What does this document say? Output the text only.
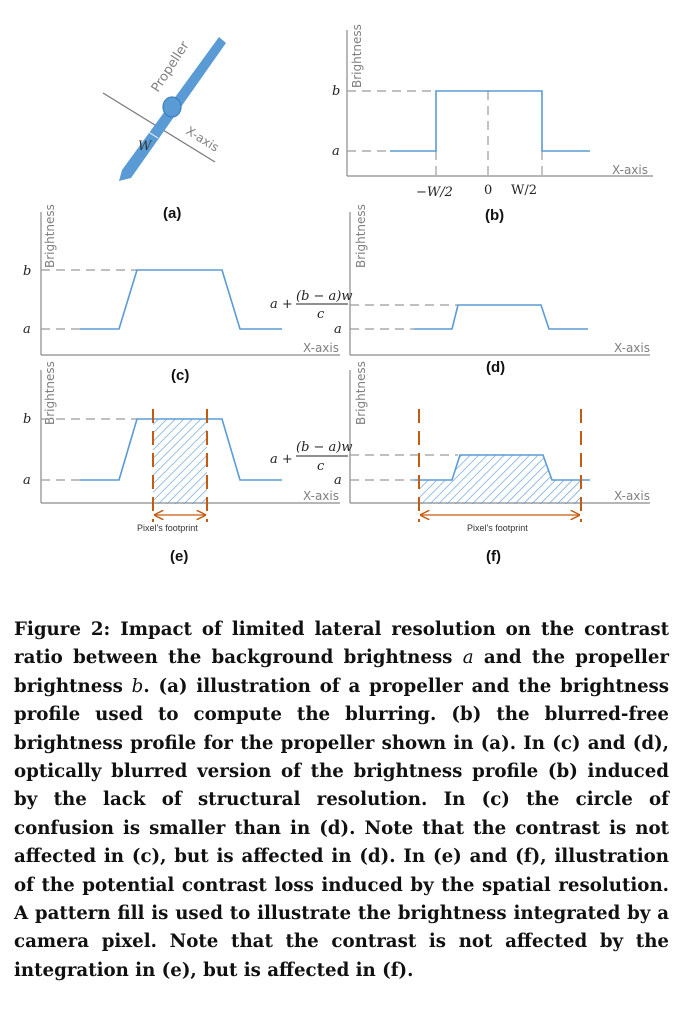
Propeller
X-axis
W
(a)
Brightness
X-axis
b
a
−W/2 0 W/2
(b)
Brightness
X-axis
b
a
(c)
Brightness
X-axis
a +
(b − a)w
c
a
(d)
Brightness
X-axis
b
a
Pixel's footprint
(e)
Brightness
X-axis
a +
(b − a)w
c
a
Pixel's footprint
(f)

Figure 2: Impact of limited lateral resolution on the contrast ratio between the background brightness a and the propeller brightness b. (a) illustration of a propeller and the brightness profile used to compute the blurring. (b) the blurred-free brightness profile for the propeller shown in (a). In (c) and (d), optically blurred version of the brightness profile (b) induced by the lack of structural resolution. In (c) the circle of confusion is smaller than in (d). Note that the contrast is not affected in (c), but is affected in (d). In (e) and (f), illustration of the potential contrast loss induced by the spatial resolution. A pattern fill is used to illustrate the brightness integrated by a camera pixel. Note that the contrast is not affected by the integration in (e), but is affected in (f).
